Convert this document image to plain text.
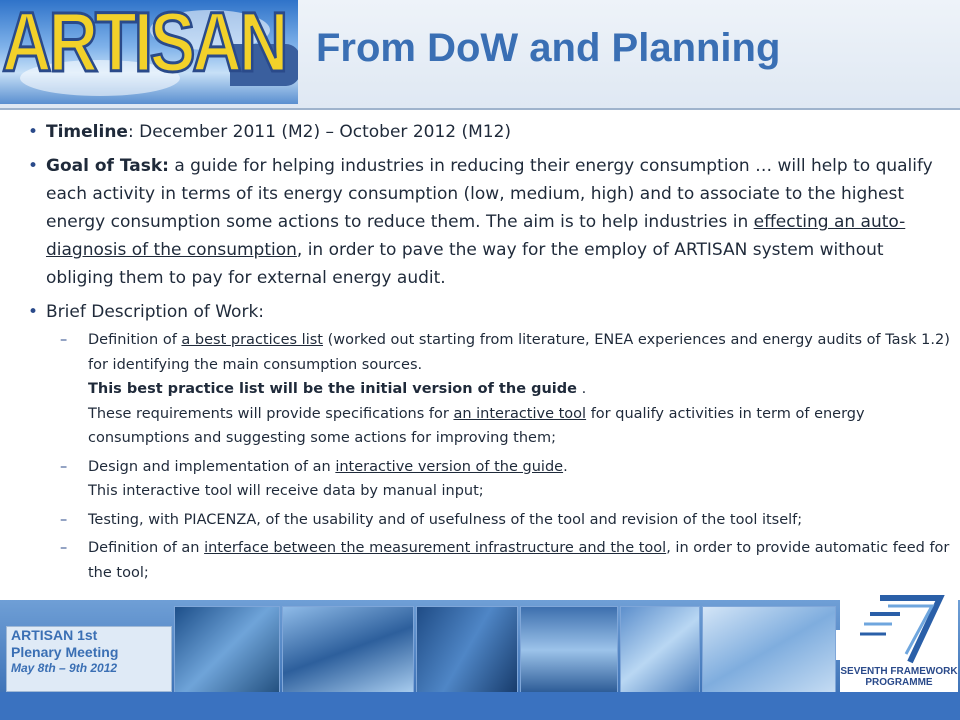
ARTISAN From DoW and Planning
• Timeline: December 2011 (M2) – October 2012 (M12)
• Goal of Task: a guide for helping industries in reducing their energy consumption … will help to qualify each activity in terms of its energy consumption (low, medium, high) and to associate to the highest energy consumption some actions to reduce them. The aim is to help industries in effecting an auto-diagnosis of the consumption, in order to pave the way for the employ of ARTISAN system without obliging them to pay for external energy audit.
• Brief Description of Work:
– Definition of a best practices list (worked out starting from literature, ENEA experiences and energy audits of Task 1.2) for identifying the main consumption sources.
This best practice list will be the initial version of the guide .
These requirements will provide specifications for an interactive tool for qualify activities in term of energy consumptions and suggesting some actions for improving them;
– Design and implementation of an interactive version of the guide.
This interactive tool will receive data by manual input;
– Testing, with PIACENZA, of the usability and of usefulness of the tool and revision of the tool itself;
– Definition of an interface between the measurement infrastructure and the tool, in order to provide automatic feed for the tool;
ARTISAN 1st
Plenary Meeting
May 8th – 9th 2012	SEVENTH FRAMEWORK
PROGRAMME
